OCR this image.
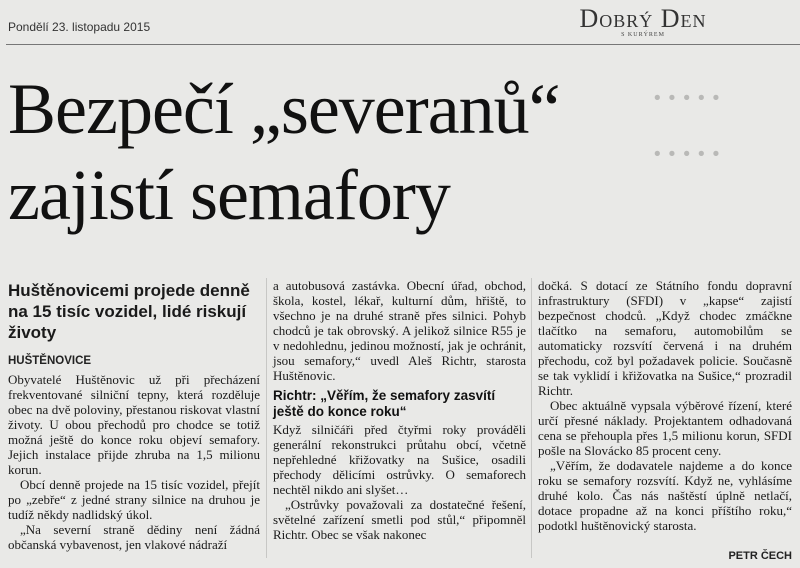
·····
·····
Pondělí 23. listopadu 2015	Dobrý Den
S KURÝREM
Bezpečí „severanů“
zajistí semafory
Huštěnovicemi projede denně na 15 tisíc vozidel, lidé riskují životy
HUŠTĚNOVICE

Obyvatelé Huštěnovic už při přecházení frekventované silniční tepny, která rozděluje obec na dvě poloviny, přestanou riskovat vlastní životy. U obou přechodů pro chodce se totiž možná ještě do konce roku objeví semafory. Jejich instalace přijde zhruba na 1,5 milionu korun.

Obcí denně projede na 15 tisíc vozidel, přejít po „zebře“ z jedné strany silnice na druhou je tudíž někdy nadlidský úkol.

„Na severní straně dědiny není žádná občanská vybavenost, jen vlakové nádraží

a autobusová zastávka. Obecní úřad, obchod, škola, kostel, lékař, kulturní dům, hřiště, to všechno je na druhé straně přes silnici. Pohyb chodců je tak obrovský. A jelikož silnice R55 je v nedohlednu, jedinou možností, jak je ochránit, jsou semafory,“ uvedl Aleš Richtr, starosta Huštěnovic.

Richtr: „Věřím, že semafory zasvítí ještě do konce roku“

Když silničáři před čtyřmi roky prováděli generální rekonstrukci průtahu obcí, včetně nepřehledné křižovatky na Sušice, osadili přechody dělicími ostrůvky. O semaforech nechtěl nikdo ani slyšet…

„Ostrůvky považovali za dostatečné řešení, světelné zařízení smetli pod stůl,“ připomněl Richtr. Obec se však nakonec

dočká. S dotací ze Státního fondu dopravní infrastruktury (SFDI) v „kapse“ zajistí bezpečnost chodců. „Když chodec zmáčkne tlačítko na semaforu, automobilům se automaticky rozsvítí červená i na druhém přechodu, což byl požadavek policie. Současně se tak vyklidí i křižovatka na Sušice,“ prozradil Richtr.

Obec aktuálně vypsala výběrové řízení, které určí přesné náklady. Projektantem odhadovaná cena se přehoupla přes 1,5 milionu korun, SFDI pošle na Slovácko 85 procent ceny.

„Věřím, že dodavatele najdeme a do konce roku se semafory rozsvítí. Když ne, vyhlásíme druhé kolo. Čas nás naštěstí úplně netlačí, dotace propadne až na konci příštího roku,“ podotkl huštěnovický starosta.

PETR ČECH
